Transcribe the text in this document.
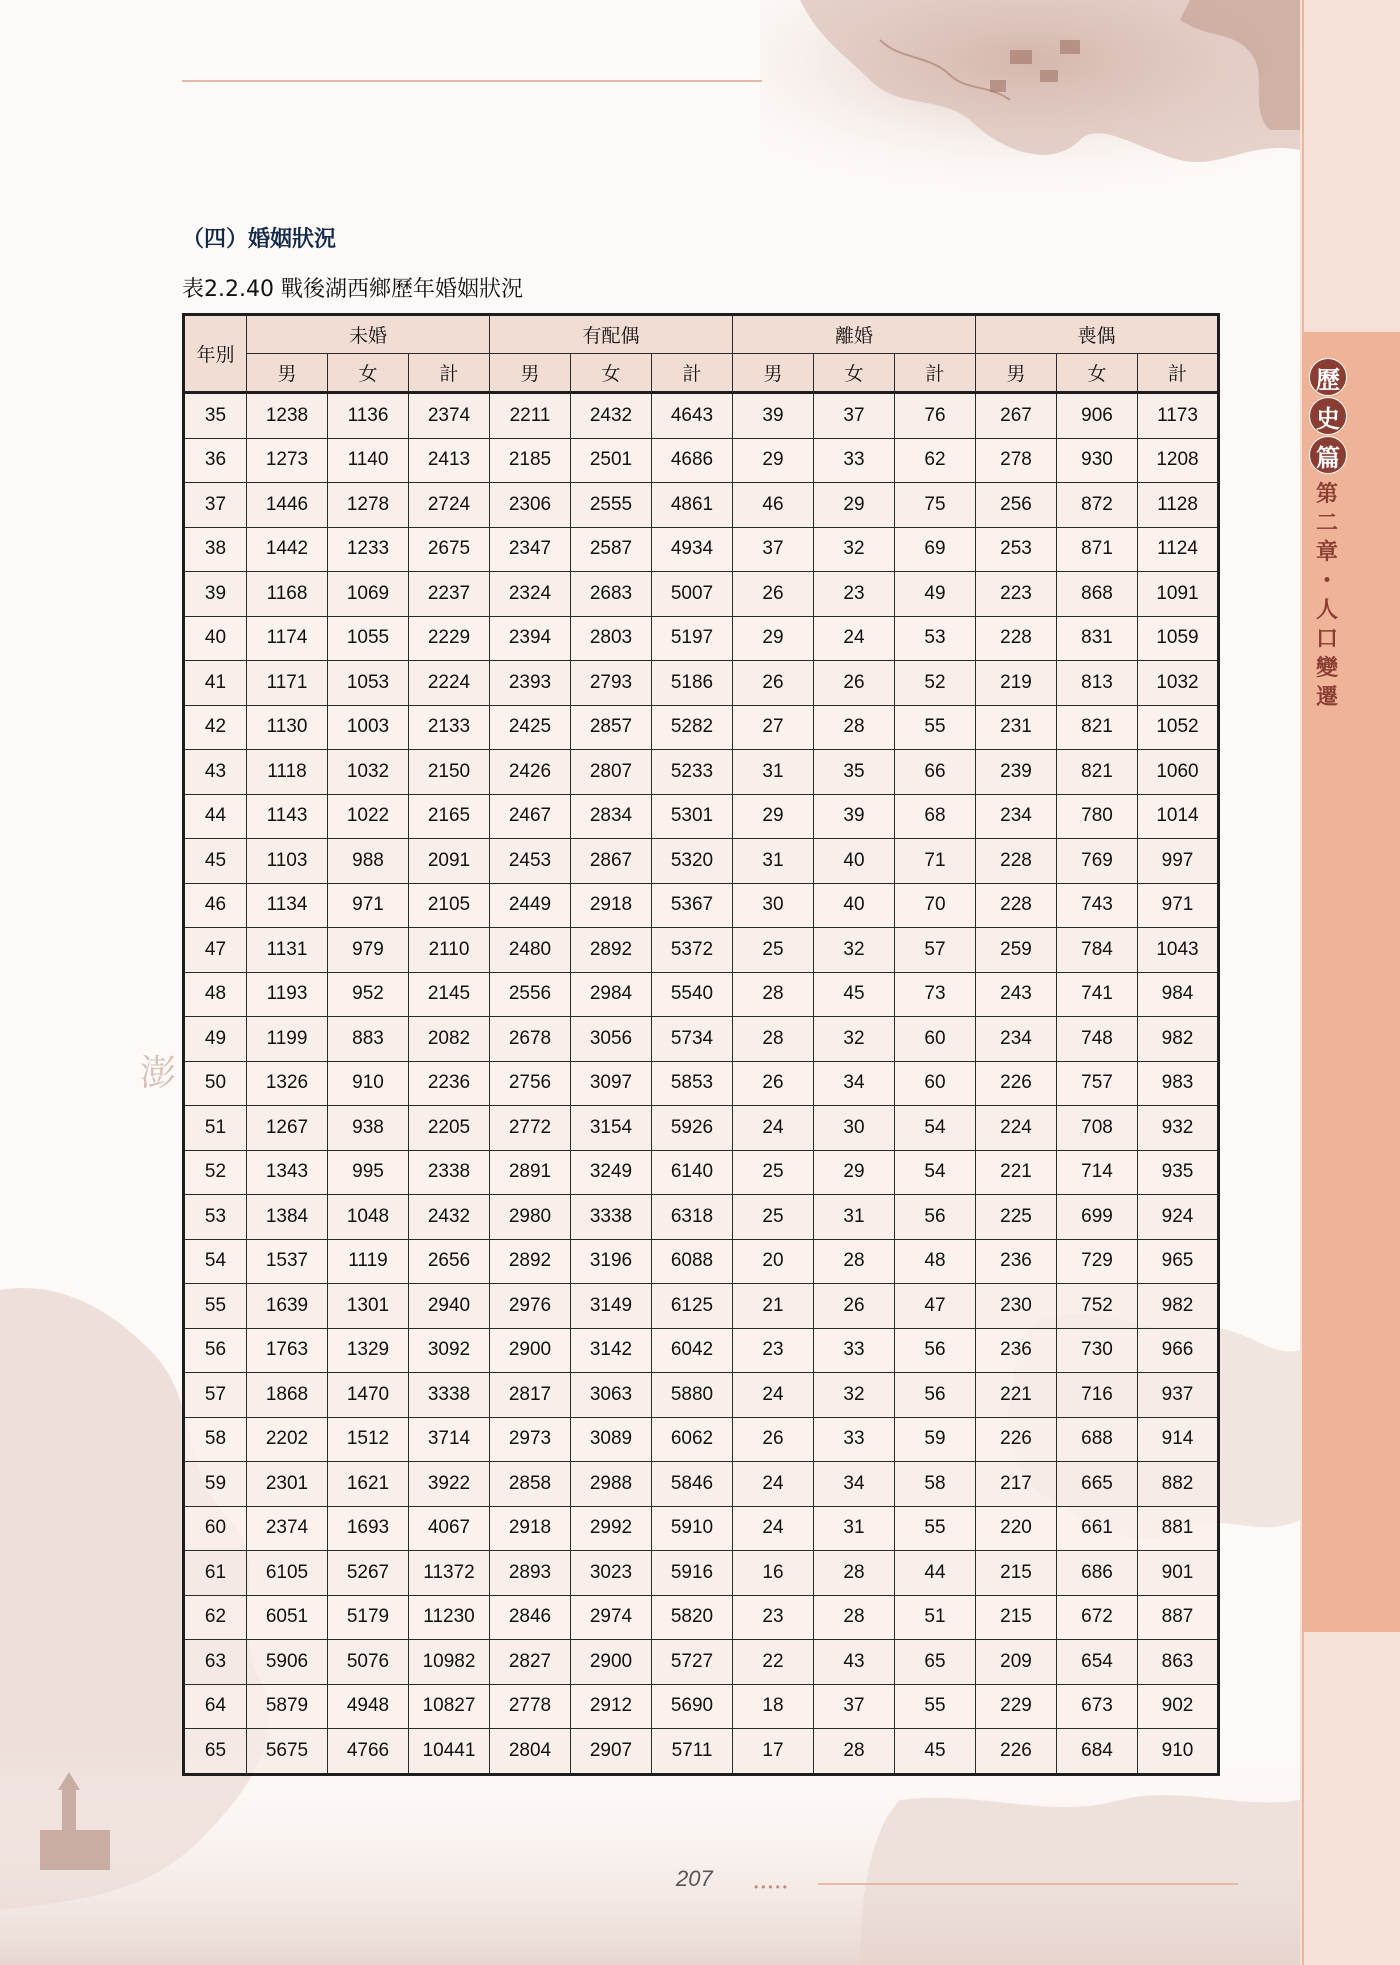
澎
歷
史
篇
第
二
章
・
人
口
變
遷
（四）婚姻狀況

表2.2.40 戰後湖西鄉歷年婚姻狀況

年別	未婚			有配偶			離婚			喪偶		
	男	女	計	男	女	計	男	女	計	男	女	計
35	1238	1136	2374	2211	2432	4643	39	37	76	267	906	1173
36	1273	1140	2413	2185	2501	4686	29	33	62	278	930	1208
37	1446	1278	2724	2306	2555	4861	46	29	75	256	872	1128
38	1442	1233	2675	2347	2587	4934	37	32	69	253	871	1124
39	1168	1069	2237	2324	2683	5007	26	23	49	223	868	1091
40	1174	1055	2229	2394	2803	5197	29	24	53	228	831	1059
41	1171	1053	2224	2393	2793	5186	26	26	52	219	813	1032
42	1130	1003	2133	2425	2857	5282	27	28	55	231	821	1052
43	1118	1032	2150	2426	2807	5233	31	35	66	239	821	1060
44	1143	1022	2165	2467	2834	5301	29	39	68	234	780	1014
45	1103	988	2091	2453	2867	5320	31	40	71	228	769	997
46	1134	971	2105	2449	2918	5367	30	40	70	228	743	971
47	1131	979	2110	2480	2892	5372	25	32	57	259	784	1043
48	1193	952	2145	2556	2984	5540	28	45	73	243	741	984
49	1199	883	2082	2678	3056	5734	28	32	60	234	748	982
50	1326	910	2236	2756	3097	5853	26	34	60	226	757	983
51	1267	938	2205	2772	3154	5926	24	30	54	224	708	932
52	1343	995	2338	2891	3249	6140	25	29	54	221	714	935
53	1384	1048	2432	2980	3338	6318	25	31	56	225	699	924
54	1537	1119	2656	2892	3196	6088	20	28	48	236	729	965
55	1639	1301	2940	2976	3149	6125	21	26	47	230	752	982
56	1763	1329	3092	2900	3142	6042	23	33	56	236	730	966
57	1868	1470	3338	2817	3063	5880	24	32	56	221	716	937
58	2202	1512	3714	2973	3089	6062	26	33	59	226	688	914
59	2301	1621	3922	2858	2988	5846	24	34	58	217	665	882
60	2374	1693	4067	2918	2992	5910	24	31	55	220	661	881
61	6105	5267	11372	2893	3023	5916	16	28	44	215	686	901
62	6051	5179	11230	2846	2974	5820	23	28	51	215	672	887
63	5906	5076	10982	2827	2900	5727	22	43	65	209	654	863
64	5879	4948	10827	2778	2912	5690	18	37	55	229	673	902
65	5675	4766	10441	2804	2907	5711	17	28	45	226	684	910
207	•••••
